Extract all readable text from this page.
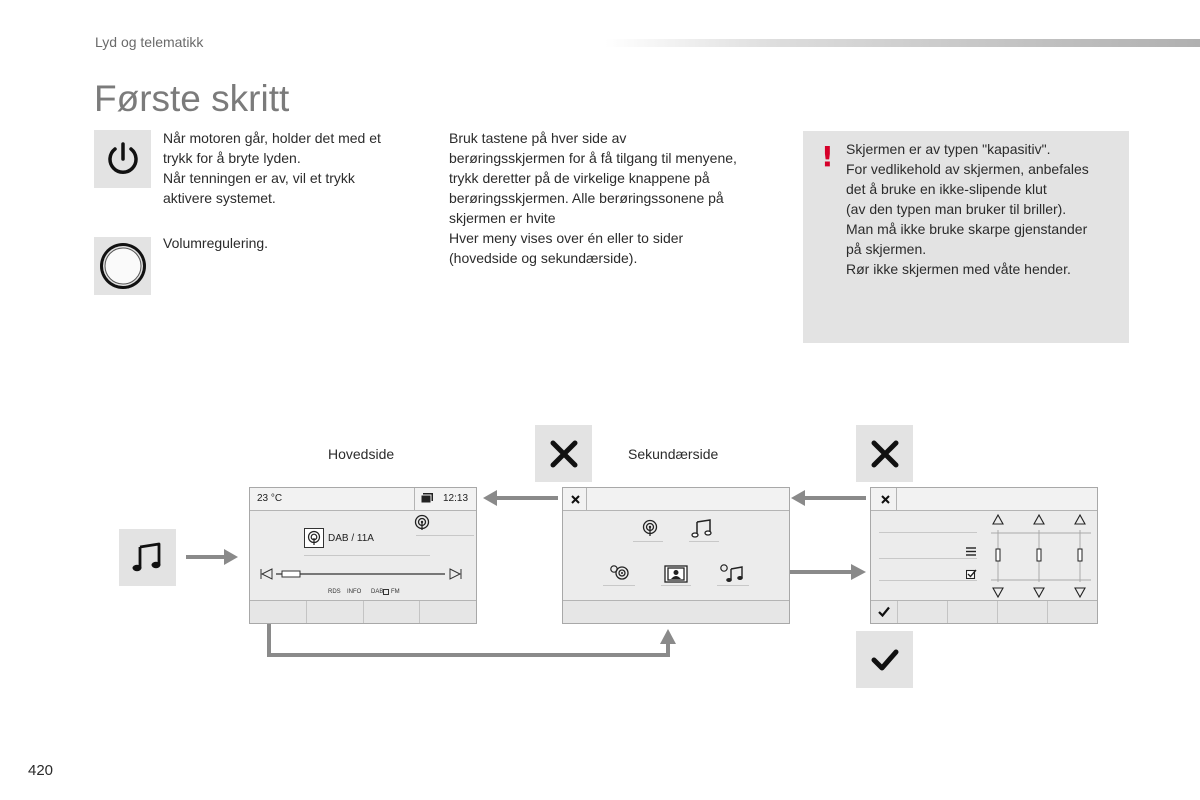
Lyd og telematikk
Første skritt
Når motoren går, holder det med et
trykk for å bryte lyden.
Når tenningen er av, vil et trykk
aktivere systemet.
Volumregulering.
Bruk tastene på hver side av
berøringsskjermen for å få tilgang til menyene,
trykk deretter på de virkelige knappene på
berøringsskjermen. Alle berøringssonene på
skjermen er hvite
Hver meny vises over én eller to sider
(hovedside og sekundærside).
! Skjermen er av typen "kapasitiv".
For vedlikehold av skjermen, anbefales
det å bruke en ikke-slipende klut
(av den typen man bruker til briller).
Man må ikke bruke skarpe gjenstander
på skjermen.
Rør ikke skjermen med våte hender.
Hovedside	Sekundærside
23 °C	12:13
DAB / 11A
RDS INFO DAB FM
420
